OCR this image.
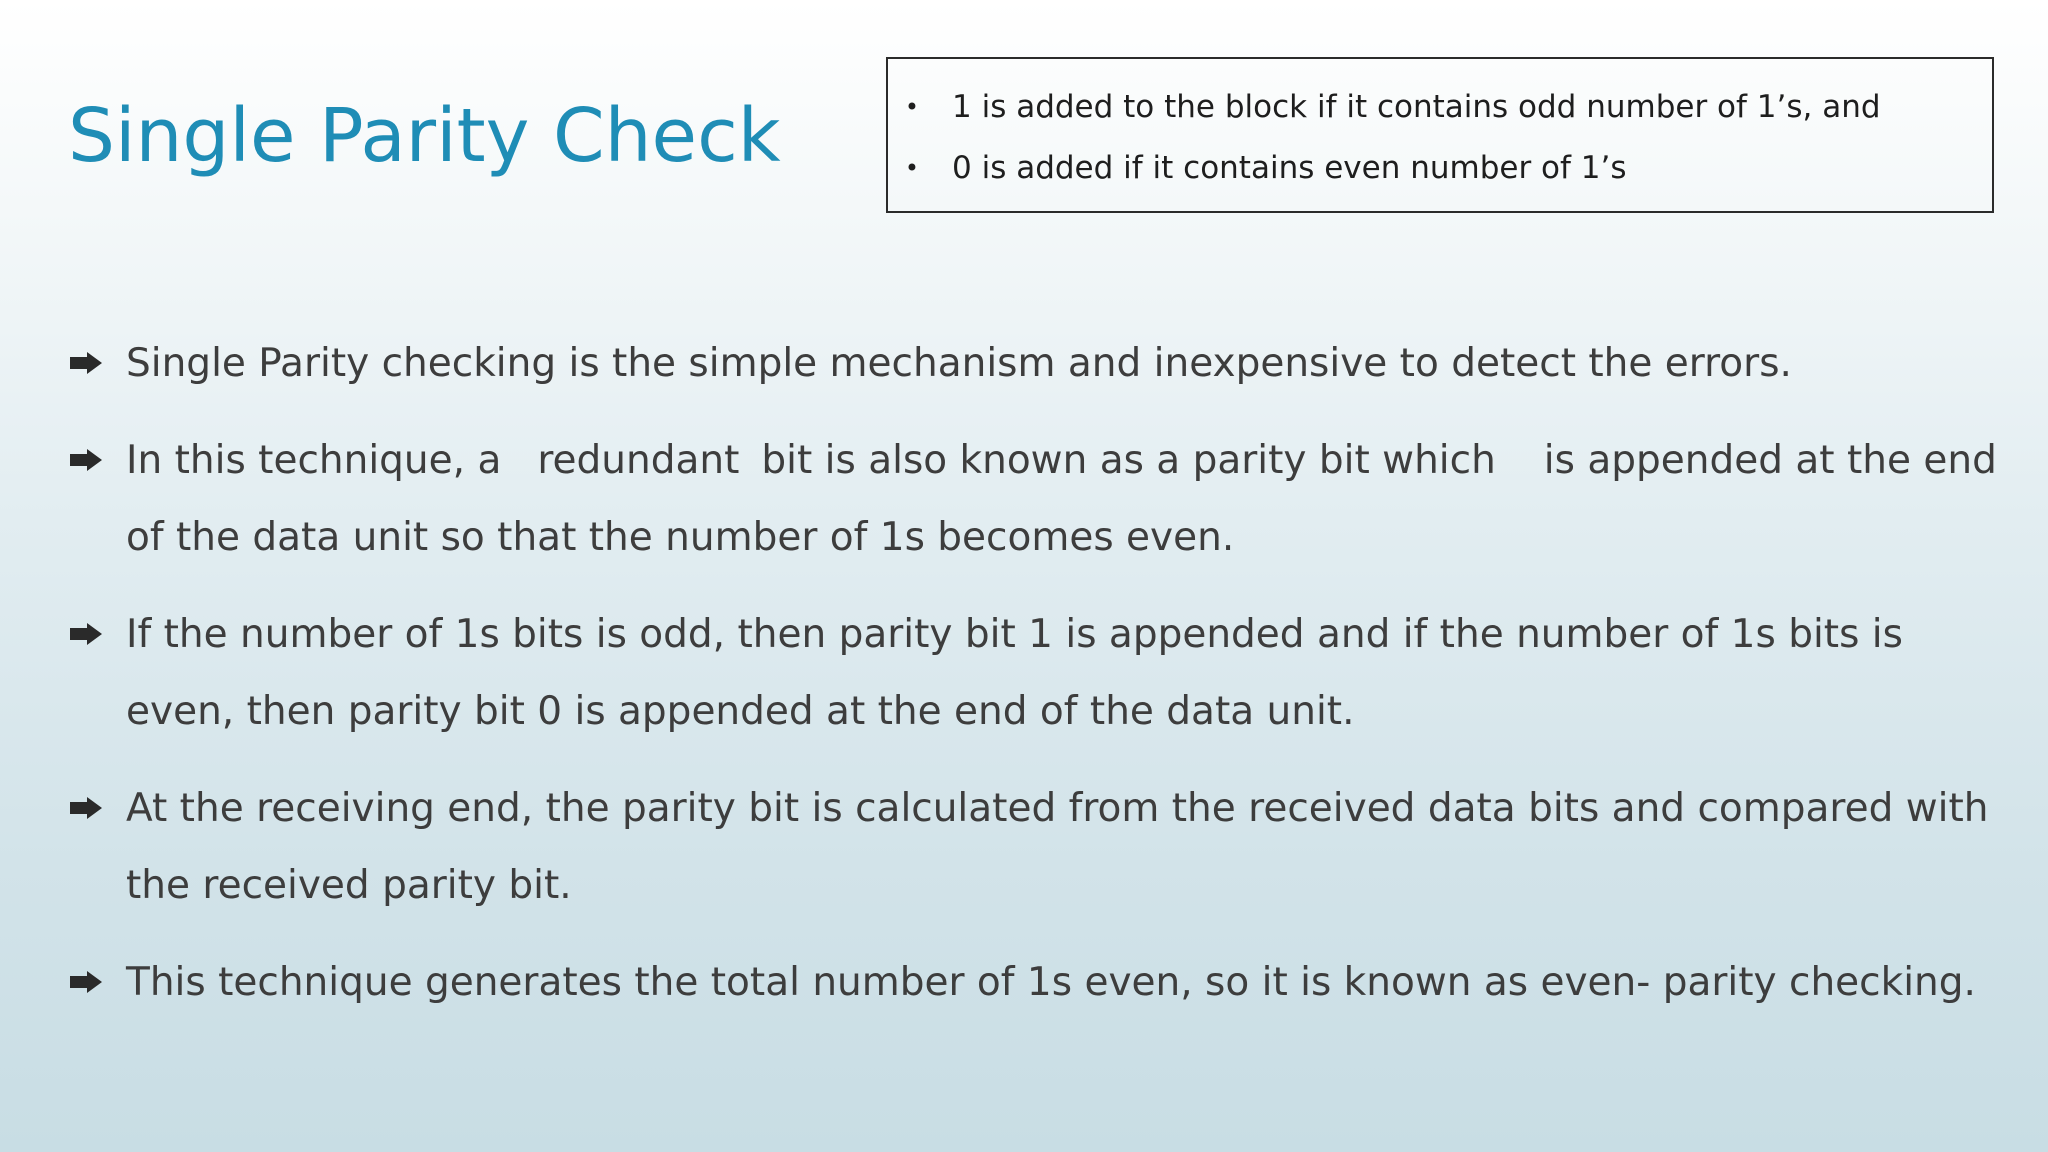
Single Parity Check	• 1 is added to the block if it contains odd number of 1’s, and
• 0 is added if it contains even number of 1’s
Single Parity checking is the simple mechanism and inexpensive to detect the errors.
In this technique, a redundant bit is also known as a parity bit which is appended at the end of the data unit so that the number of 1s becomes even.
If the number of 1s bits is odd, then parity bit 1 is appended and if the number of 1s bits is even, then parity bit 0 is appended at the end of the data unit.
At the receiving end, the parity bit is calculated from the received data bits and compared with the received parity bit.
This technique generates the total number of 1s even, so it is known as even- parity checking.
